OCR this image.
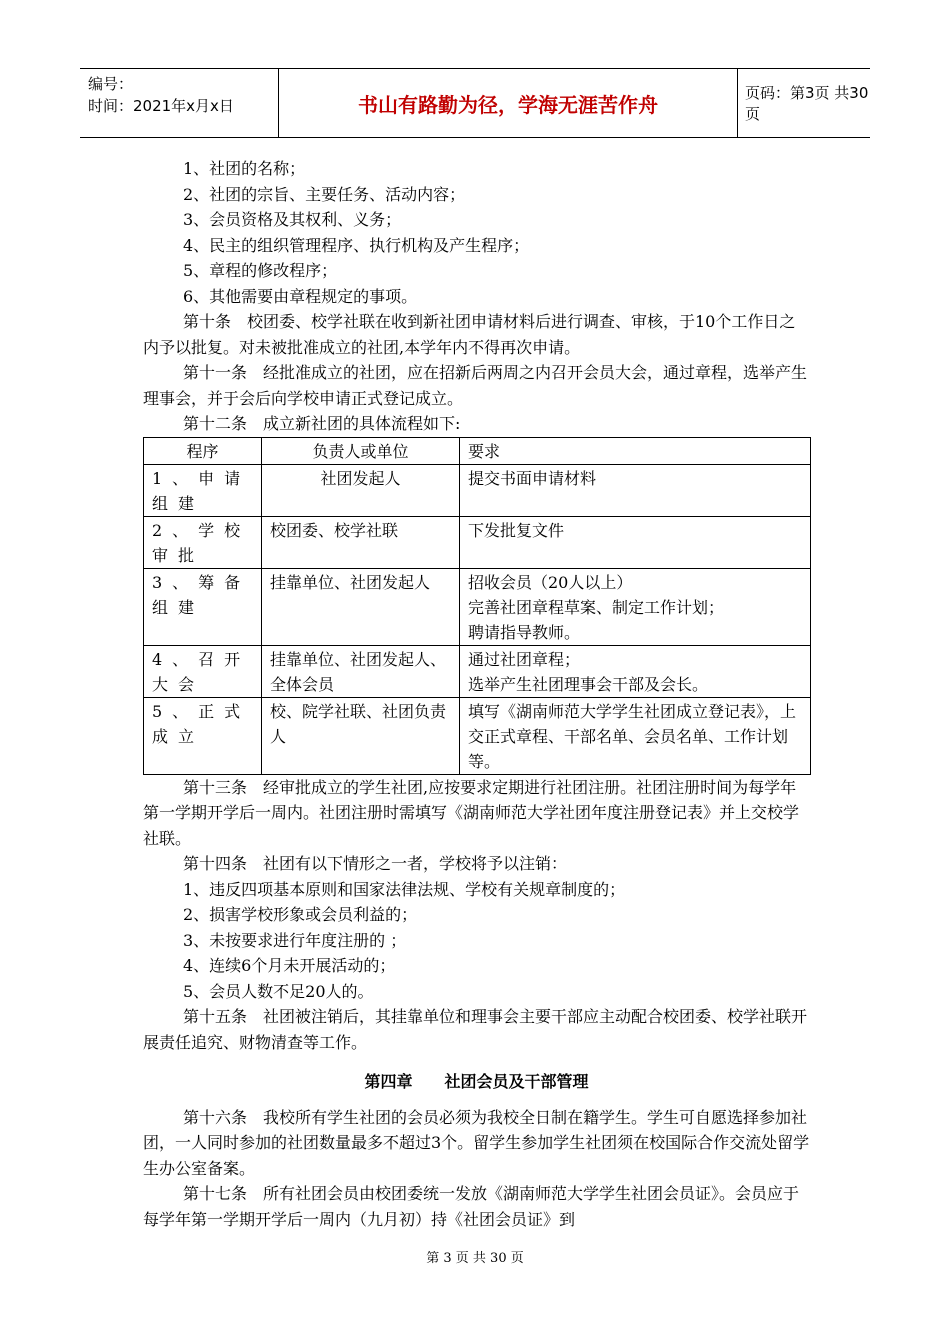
编号：
时间：2021年x月x日	书山有路勤为径，学海无涯苦作舟	页码：第3页 共30页

1、社团的名称；

2、社团的宗旨、主要任务、活动内容；

3、会员资格及其权利、义务；

4、民主的组织管理程序、执行机构及产生程序；

5、章程的修改程序；

6、其他需要由章程规定的事项。

第十条　校团委、校学社联在收到新社团申请材料后进行调查、审核，于10个工作日之内予以批复。对未被批准成立的社团,本学年内不得再次申请。

第十一条　经批准成立的社团，应在招新后两周之内召开会员大会，通过章程，选举产生理事会，并于会后向学校申请正式登记成立。

第十二条　成立新社团的具体流程如下:

程序	负责人或单位	要求
1、申请组建	社团发起人	提交书面申请材料
2、学校审批	校团委、校学社联	下发批复文件
3、筹备组建	挂靠单位、社团发起人	招收会员（20人以上）
完善社团章程草案、制定工作计划；
聘请指导教师。
4、召开大会	挂靠单位、社团发起人、全体会员	通过社团章程；
选举产生社团理事会干部及会长。
5、正式成立	校、院学社联、社团负责人	填写《湖南师范大学学生社团成立登记表》，上交正式章程、干部名单、会员名单、工作计划等。

第十三条　经审批成立的学生社团,应按要求定期进行社团注册。社团注册时间为每学年第一学期开学后一周内。社团注册时需填写《湖南师范大学社团年度注册登记表》并上交校学社联。

第十四条　社团有以下情形之一者，学校将予以注销：

1、违反四项基本原则和国家法律法规、学校有关规章制度的；

2、损害学校形象或会员利益的；

3、未按要求进行年度注册的 ；

4、连续6个月未开展活动的；

5、会员人数不足20人的。

第十五条　社团被注销后，其挂靠单位和理事会主要干部应主动配合校团委、校学社联开展责任追究、财物清查等工作。

第四章　　社团会员及干部管理

第十六条　我校所有学生社团的会员必须为我校全日制在籍学生。学生可自愿选择参加社团，一人同时参加的社团数量最多不超过3个。留学生参加学生社团须在校国际合作交流处留学生办公室备案。

第十七条　所有社团会员由校团委统一发放《湖南师范大学学生社团会员证》。会员应于每学年第一学期开学后一周内（九月初）持《社团会员证》到

第 3 页 共 30 页
